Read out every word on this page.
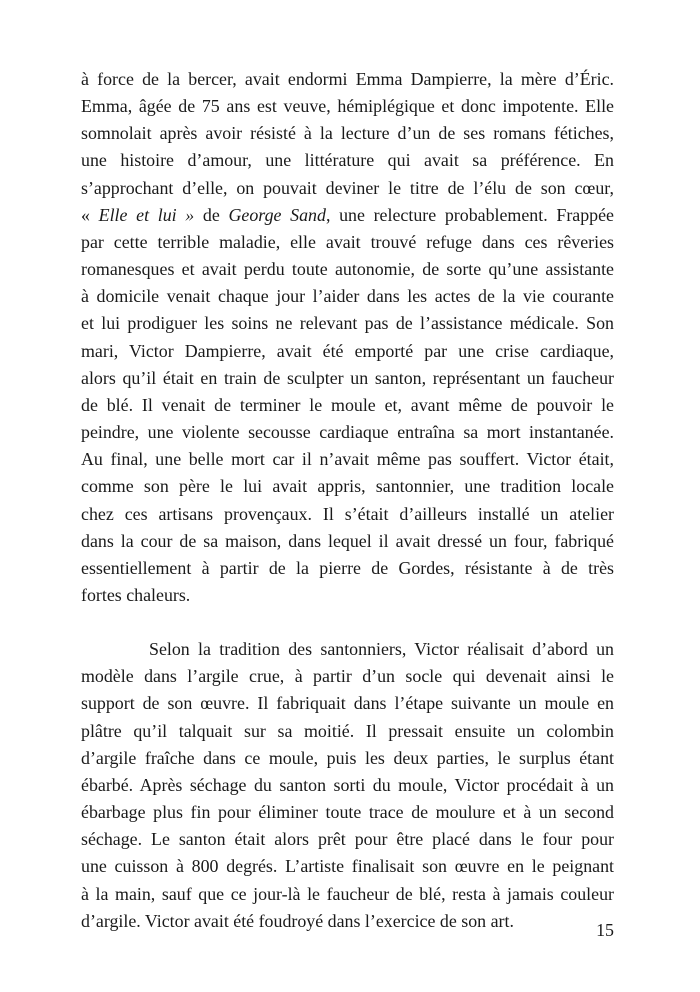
à force de la bercer, avait endormi Emma Dampierre, la mère d’Éric.
Emma, âgée de 75 ans est veuve, hémiplégique et donc impotente. Elle
somnolait après avoir résisté à la lecture d’un de ses romans fétiches,
une histoire d’amour, une littérature qui avait sa préférence. En
s’approchant d’elle, on pouvait deviner le titre de l’élu de son cœur,
« Elle et lui » de George Sand, une relecture probablement. Frappée
par cette terrible maladie, elle avait trouvé refuge dans ces rêveries
romanesques et avait perdu toute autonomie, de sorte qu’une assistante
à domicile venait chaque jour l’aider dans les actes de la vie courante
et lui prodiguer les soins ne relevant pas de l’assistance médicale. Son
mari, Victor Dampierre, avait été emporté par une crise cardiaque,
alors qu’il était en train de sculpter un santon, représentant un faucheur
de blé. Il venait de terminer le moule et, avant même de pouvoir le
peindre, une violente secousse cardiaque entraîna sa mort instantanée.
Au final, une belle mort car il n’avait même pas souffert. Victor était,
comme son père le lui avait appris, santonnier, une tradition locale
chez ces artisans provençaux. Il s’était d’ailleurs installé un atelier
dans la cour de sa maison, dans lequel il avait dressé un four, fabriqué
essentiellement à partir de la pierre de Gordes, résistante à de très
fortes chaleurs.

Selon la tradition des santonniers, Victor réalisait d’abord un
modèle dans l’argile crue, à partir d’un socle qui devenait ainsi le
support de son œuvre. Il fabriquait dans l’étape suivante un moule en
plâtre qu’il talquait sur sa moitié. Il pressait ensuite un colombin
d’argile fraîche dans ce moule, puis les deux parties, le surplus étant
ébarbé. Après séchage du santon sorti du moule, Victor procédait à un
ébarbage plus fin pour éliminer toute trace de moulure et à un second
séchage. Le santon était alors prêt pour être placé dans le four pour
une cuisson à 800 degrés. L’artiste finalisait son œuvre en le peignant
à la main, sauf que ce jour-là le faucheur de blé, resta à jamais couleur
d’argile. Victor avait été foudroyé dans l’exercice de son art.	15
